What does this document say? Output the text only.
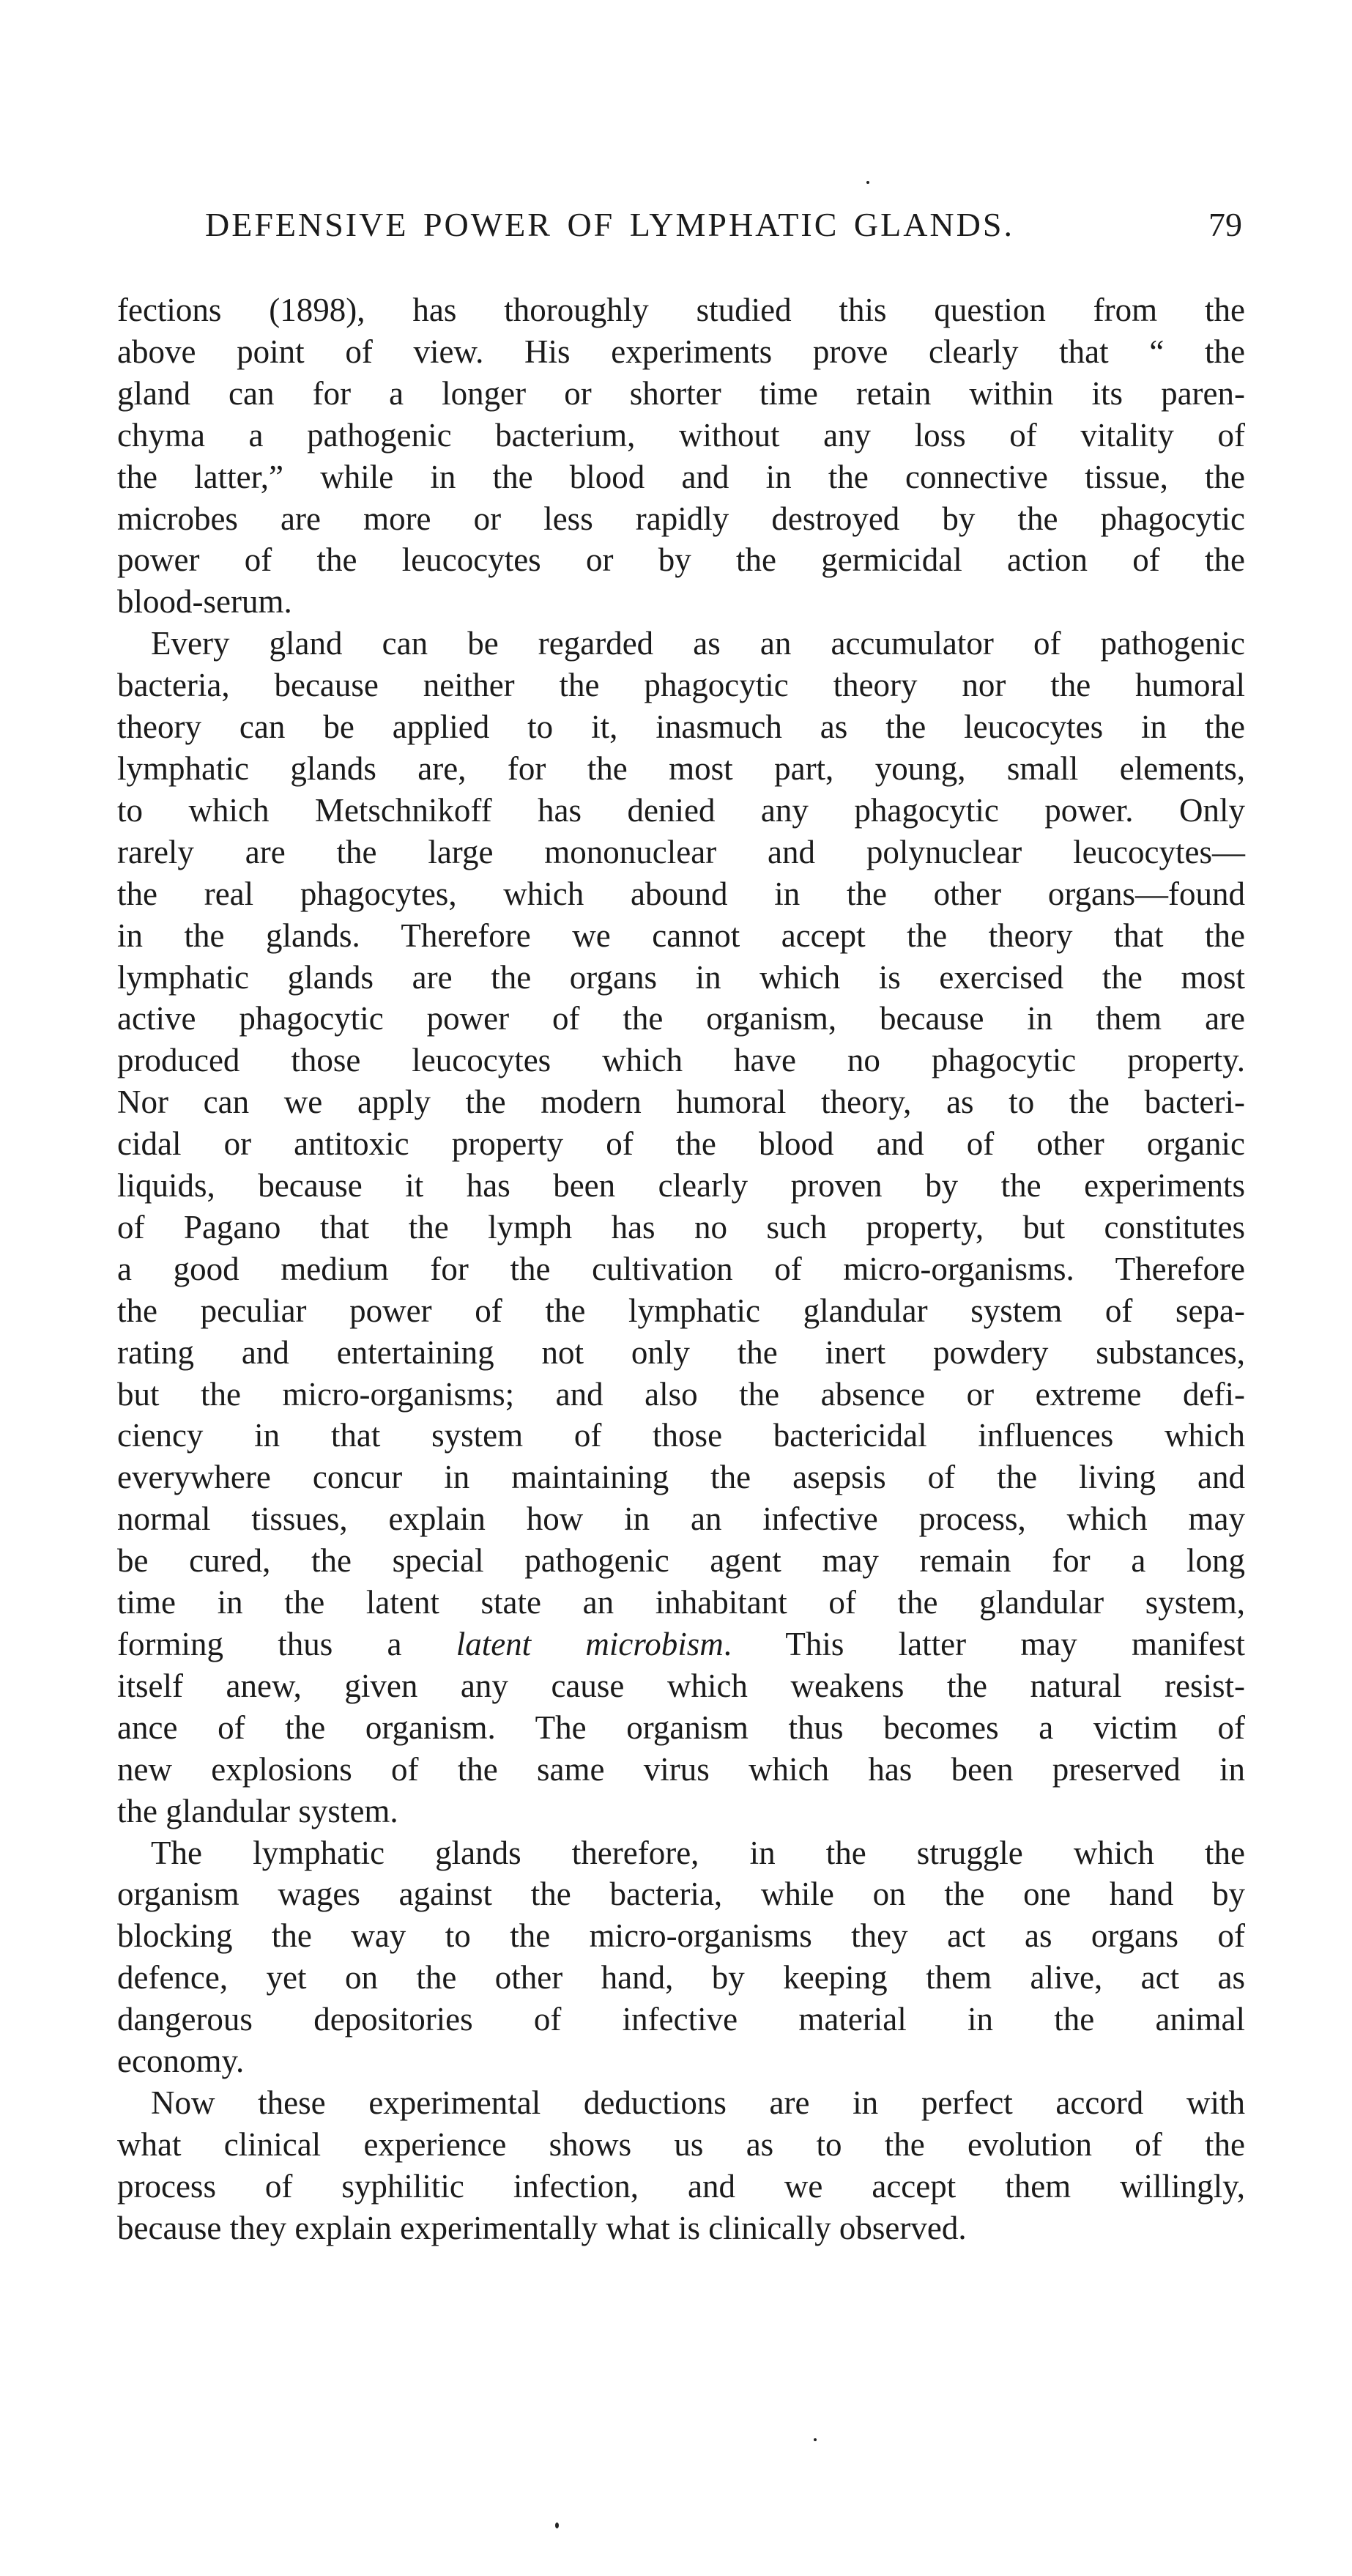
DEFENSIVE POWER OF LYMPHATIC GLANDS.	79
fections (1898), has thoroughly studied this question from the
above point of view. His experiments prove clearly that “ the
gland can for a longer or shorter time retain within its paren-
chyma a pathogenic bacterium, without any loss of vitality of
the latter,” while in the blood and in the connective tissue, the
microbes are more or less rapidly destroyed by the phagocytic
power of the leucocytes or by the germicidal action of the
blood-serum.
Every gland can be regarded as an accumulator of pathogenic
bacteria, because neither the phagocytic theory nor the humoral
theory can be applied to it, inasmuch as the leucocytes in the
lymphatic glands are, for the most part, young, small elements,
to which Metschnikoff has denied any phagocytic power. Only
rarely are the large mononuclear and polynuclear leucocytes—
the real phagocytes, which abound in the other organs—found
in the glands. Therefore we cannot accept the theory that the
lymphatic glands are the organs in which is exercised the most
active phagocytic power of the organism, because in them are
produced those leucocytes which have no phagocytic property.
Nor can we apply the modern humoral theory, as to the bacteri-
cidal or antitoxic property of the blood and of other organic
liquids, because it has been clearly proven by the experiments
of Pagano that the lymph has no such property, but constitutes
a good medium for the cultivation of micro-organisms. Therefore
the peculiar power of the lymphatic glandular system of sepa-
rating and entertaining not only the inert powdery substances,
but the micro-organisms; and also the absence or extreme defi-
ciency in that system of those bactericidal influences which
everywhere concur in maintaining the asepsis of the living and
normal tissues, explain how in an infective process, which may
be cured, the special pathogenic agent may remain for a long
time in the latent state an inhabitant of the glandular system,
forming thus a latent microbism. This latter may manifest
itself anew, given any cause which weakens the natural resist-
ance of the organism. The organism thus becomes a victim of
new explosions of the same virus which has been preserved in
the glandular system.
The lymphatic glands therefore, in the struggle which the
organism wages against the bacteria, while on the one hand by
blocking the way to the micro-organisms they act as organs of
defence, yet on the other hand, by keeping them alive, act as
dangerous depositories of infective material in the animal
economy.
Now these experimental deductions are in perfect accord with
what clinical experience shows us as to the evolution of the
process of syphilitic infection, and we accept them willingly,
because they explain experimentally what is clinically observed.
